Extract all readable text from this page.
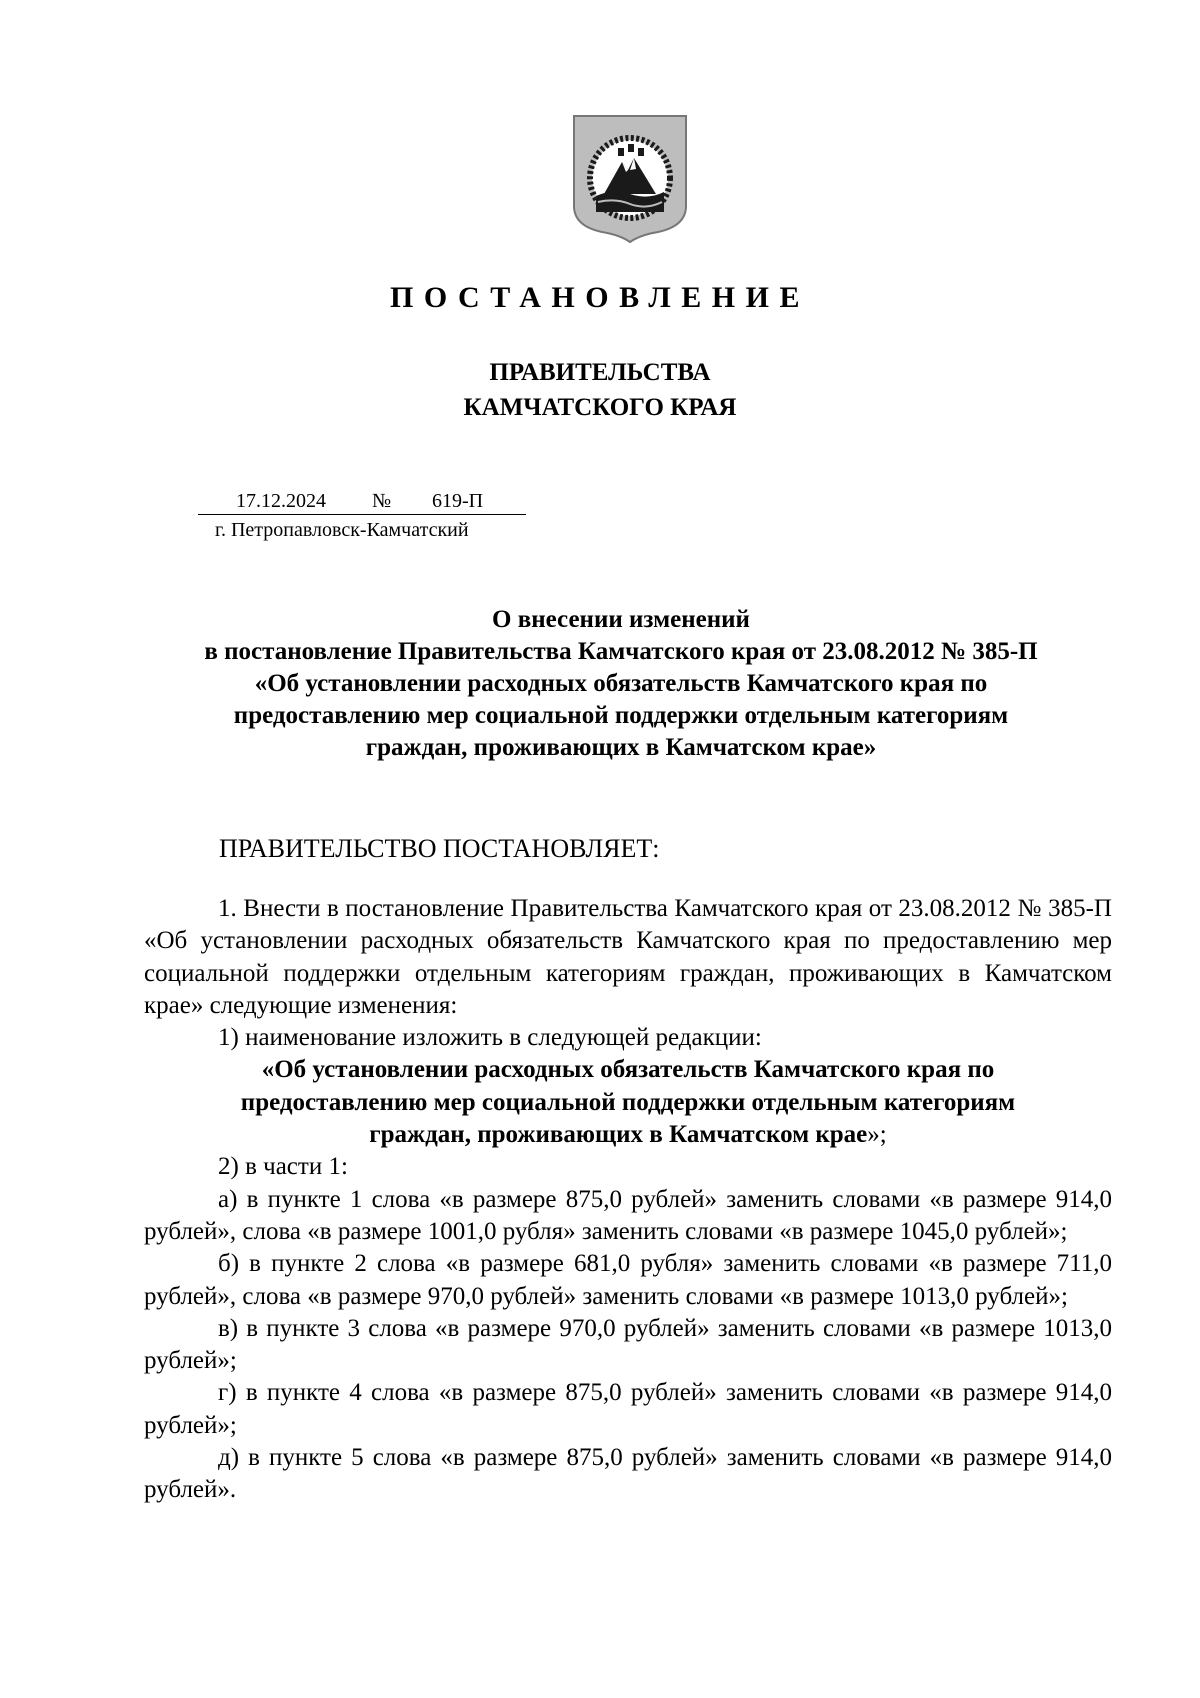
ПОСТАНОВЛЕНИЕ
ПРАВИТЕЛЬСТВА
КАМЧАТСКОГО КРАЯ
17.12.2024	№	619-П
г. Петропавловск-Камчатский
О внесении изменений
в постановление Правительства Камчатского края от 23.08.2012 № 385-П
«Об установлении расходных обязательств Камчатского края по
предоставлению мер социальной поддержки отдельным категориям
граждан, проживающих в Камчатском крае»
ПРАВИТЕЛЬСТВО ПОСТАНОВЛЯЕТ:

1. Внести в постановление Правительства Камчатского края от 23.08.2012 № 385-П «Об установлении расходных обязательств Камчатского края по предоставлению мер социальной поддержки отдельным категориям граждан, проживающих в Камчатском крае» следующие изменения:

1) наименование изложить в следующей редакции:

«Об установлении расходных обязательств Камчатского края по
предоставлению мер социальной поддержки отдельным категориям
граждан, проживающих в Камчатском крае»;

2) в части 1:

а) в пункте 1 слова «в размере 875,0 рублей» заменить словами «в размере 914,0 рублей», слова «в размере 1001,0 рубля» заменить словами «в размере 1045,0 рублей»;

б) в пункте 2 слова «в размере 681,0 рубля» заменить словами «в размере 711,0 рублей», слова «в размере 970,0 рублей» заменить словами «в размере 1013,0 рублей»;

в) в пункте 3 слова «в размере 970,0 рублей» заменить словами «в размере 1013,0 рублей»;

г) в пункте 4 слова «в размере 875,0 рублей» заменить словами «в размере 914,0 рублей»;

д) в пункте 5 слова «в размере 875,0 рублей» заменить словами «в размере 914,0 рублей».
